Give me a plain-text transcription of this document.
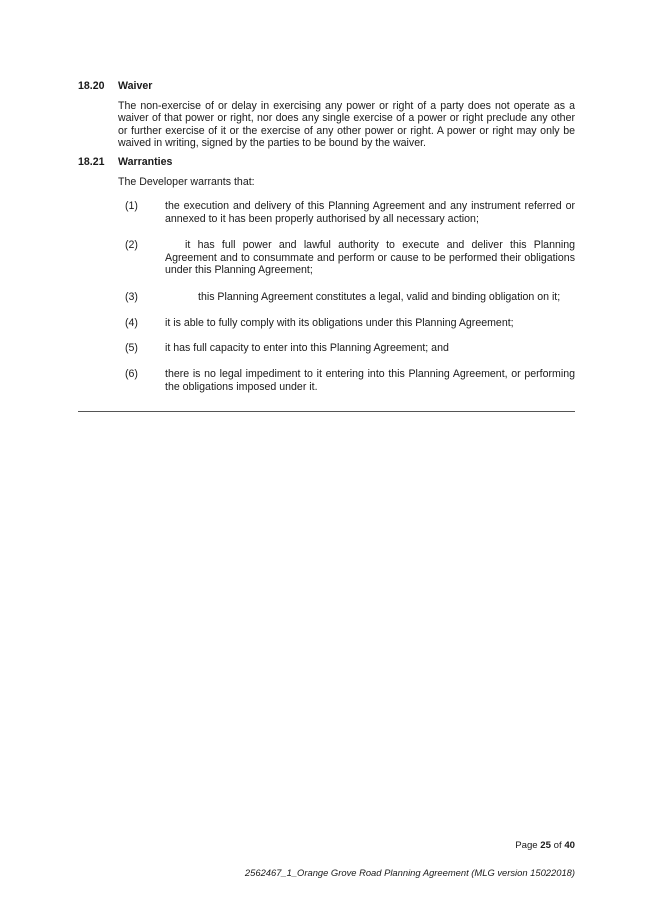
18.20	Waiver
The non-exercise of or delay in exercising any power or right of a party does not operate as a waiver of that power or right, nor does any single exercise of a power or right preclude any other or further exercise of it or the exercise of any other power or right. A power or right may only be waived in writing, signed by the parties to be bound by the waiver.
18.21	Warranties
The Developer warrants that:
(1)	the execution and delivery of this Planning Agreement and any instrument referred or annexed to it has been properly authorised by all necessary action;
(2)	it has full power and lawful authority to execute and deliver this Planning Agreement and to consummate and perform or cause to be performed their obligations under this Planning Agreement;
(3)	this Planning Agreement constitutes a legal, valid and binding obligation on it;
(4)	it is able to fully comply with its obligations under this Planning Agreement;
(5)	it has full capacity to enter into this Planning Agreement; and
(6)	there is no legal impediment to it entering into this Planning Agreement, or performing the obligations imposed under it.
Page 25 of 40
2562467_1_Orange Grove Road Planning Agreement (MLG version 15022018)
